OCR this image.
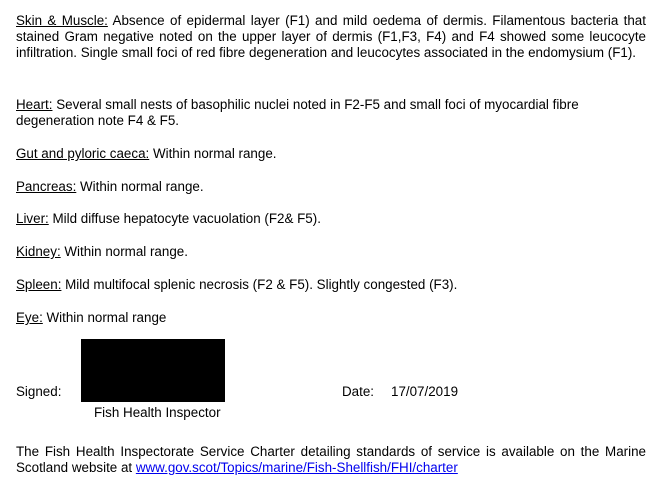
Skin & Muscle: Absence of epidermal layer (F1) and mild oedema of dermis. Filamentous bacteria that stained Gram negative noted on the upper layer of dermis (F1,F3, F4) and F4 showed some leucocyte infiltration. Single small foci of red fibre degeneration and leucocytes associated in the endomysium (F1).

Heart: Several small nests of basophilic nuclei noted in F2-F5 and small foci of myocardial fibre degeneration note F4 & F5.

Gut and pyloric caeca: Within normal range.

Pancreas: Within normal range.

Liver: Mild diffuse hepatocyte vacuolation (F2& F5).

Kidney: Within normal range.

Spleen: Mild multifocal splenic necrosis (F2 & F5). Slightly congested (F3).

Eye: Within normal range

Signed:

Fish Health Inspector

Date: 17/07/2019

The Fish Health Inspectorate Service Charter detailing standards of service is available on the Marine Scotland website at www.gov.scot/Topics/marine/Fish-Shellfish/FHI/charter
